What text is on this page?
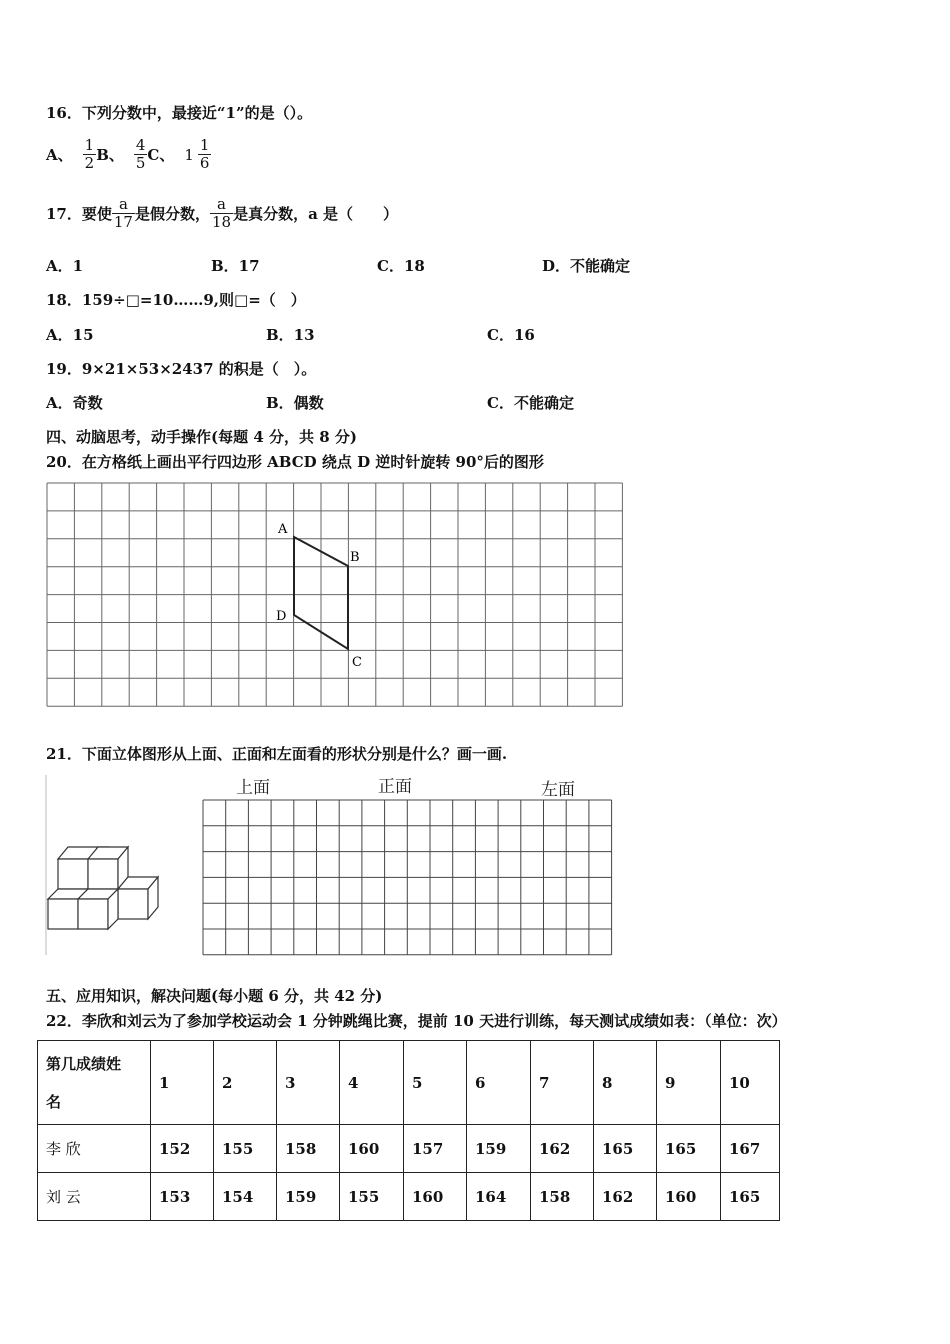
16．下列分数中，最接近“1”的是（）。
A、 $\frac{1}{2}$ B、 $\frac{4}{5}$ C、 $1 \frac{1}{6}$
17．要使 $\frac{a}{17}$ 是假分数， $\frac{a}{18}$ 是真分数，a 是（　　）
A．1	B．17	C．18	D．不能确定
18．159÷□=10……9,则□=（　）
A．15	B．13	C．16
19．9×21×53×2437 的积是（　）。
A．奇数	B．偶数	C．不能确定
四、动脑思考，动手操作(每题 4 分，共 8 分)
20．在方格纸上画出平行四边形 ABCD 绕点 D 逆时针旋转 90°后的图形
A
B
C
D
21．下面立体图形从上面、正面和左面看的形状分别是什么？画一画.
上面	正面	左面
五、应用知识，解决问题(每小题 6 分，共 42 分)
22．李欣和刘云为了参加学校运动会 1 分钟跳绳比赛，提前 10 天进行训练，每天测试成绩如表：（单位：次）
第几成绩姓
名	1	2	3	4	5	6	7	8	9	10
李 欣	152	155	158	160	157	159	162	165	165	167
刘 云	153	154	159	155	160	164	158	162	160	165
